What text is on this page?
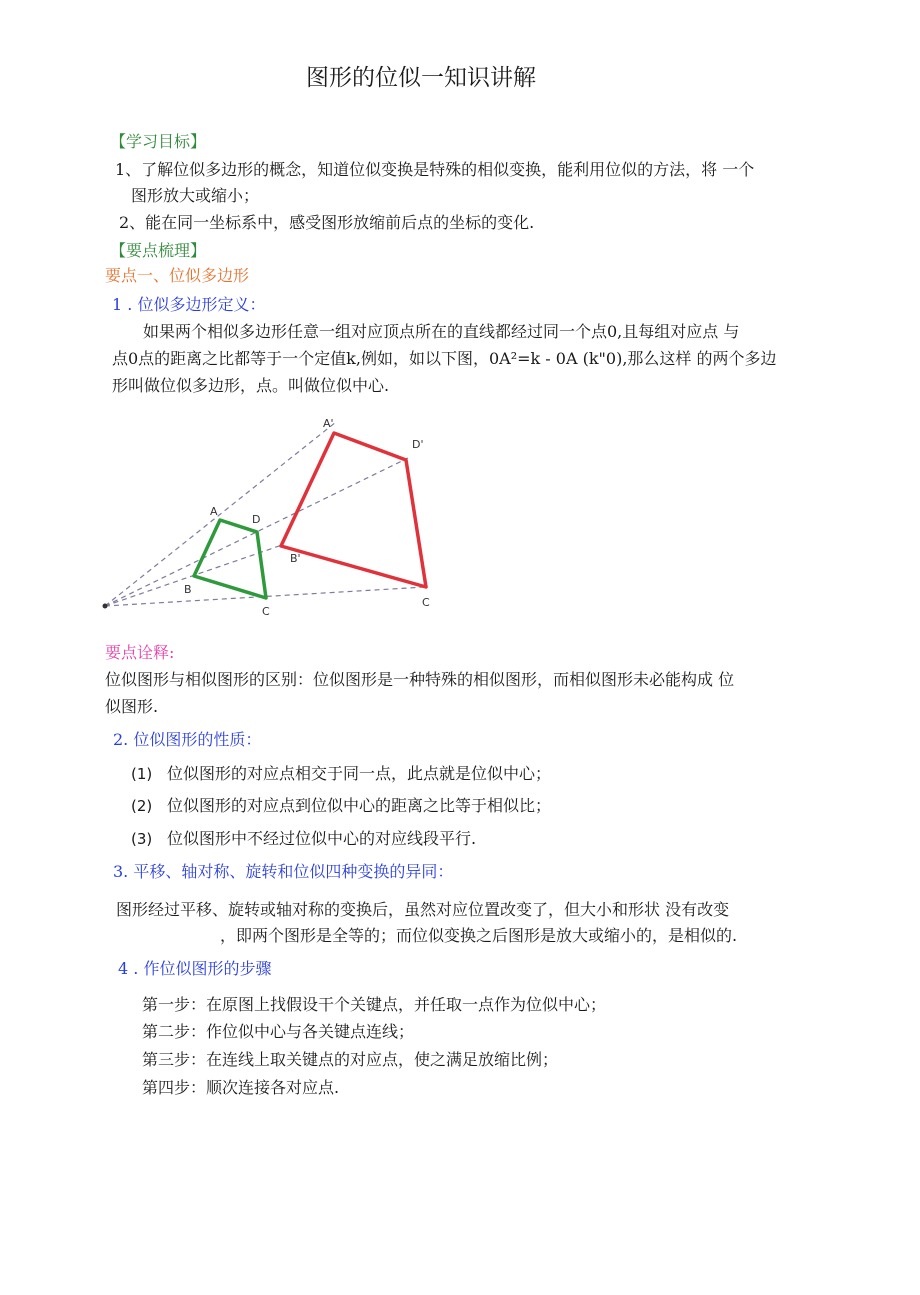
图形的位似一知识讲解
【学习目标】
1、了解位似多边形的概念，知道位似变换是特殊的相似变换，能利用位似的方法，将 一个
图形放大或缩小；
2、能在同一坐标系中，感受图形放缩前后点的坐标的变化.
【要点梳理】
要点一、位似多边形
1 . 位似多边形定义：
如果两个相似多边形任意一组对应顶点所在的直线都经过同一个点0,且每组对应点 与
点0点的距离之比都等于一个定值k,例如，如以下图，0A²=k - 0A (k"0),那么这样 的两个多边
形叫做位似多边形，点。叫做位似中心.
A
D
B
C
A'
D'
B'
C
要点诠释:
位似图形与相似图形的区别：位似图形是一种特殊的相似图形，而相似图形未必能构成 位
似图形.
2. 位似图形的性质：
(1) 位似图形的对应点相交于同一点，此点就是位似中心；
(2) 位似图形的对应点到位似中心的距离之比等于相似比；
(3) 位似图形中不经过位似中心的对应线段平行.
3. 平移、轴对称、旋转和位似四种变换的异同：
图形经过平移、旋转或轴对称的变换后，虽然对应位置改变了，但大小和形状 没有改变
，即两个图形是全等的；而位似变换之后图形是放大或缩小的，是相似的.
4 . 作位似图形的步骤
第一步：在原图上找假设干个关键点，并任取一点作为位似中心；
第二步：作位似中心与各关键点连线；
第三步：在连线上取关键点的对应点，使之满足放缩比例；
第四步：顺次连接各对应点.
